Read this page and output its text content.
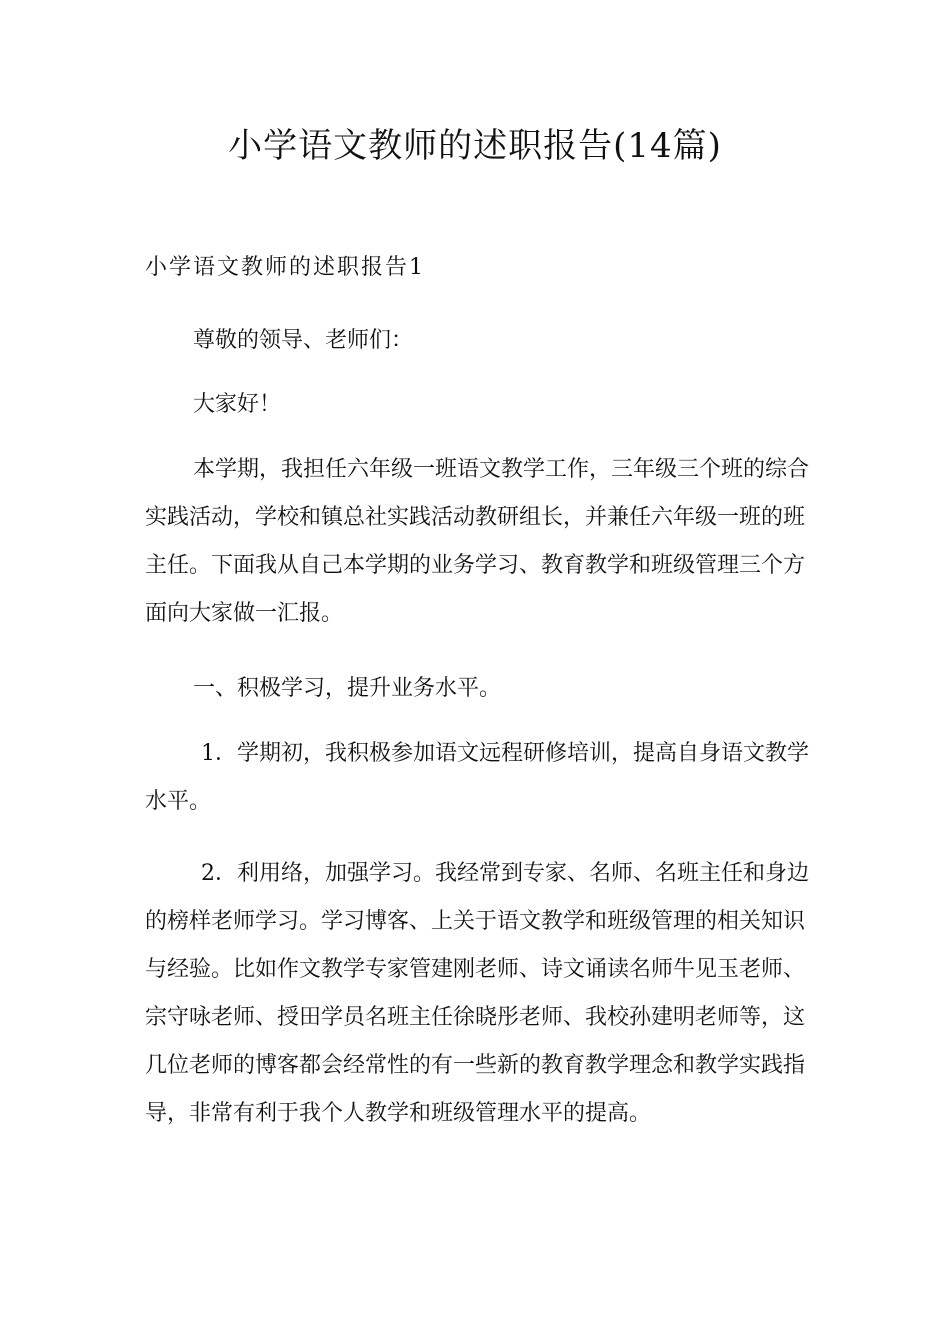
小学语文教师的述职报告(14篇)
小学语文教师的述职报告1

尊敬的领导、老师们：

大家好！

本学期，我担任六年级一班语文教学工作，三年级三个班的综合实践活动，学校和镇总社实践活动教研组长，并兼任六年级一班的班主任。下面我从自己本学期的业务学习、教育教学和班级管理三个方面向大家做一汇报。

一、积极学习，提升业务水平。

1．学期初，我积极参加语文远程研修培训，提高自身语文教学水平。

2．利用络，加强学习。我经常到专家、名师、名班主任和身边的榜样老师学习。学习博客、上关于语文教学和班级管理的相关知识与经验。比如作文教学专家管建刚老师、诗文诵读名师牛见玉老师、宗守咏老师、授田学员名班主任徐晓彤老师、我校孙建明老师等，这几位老师的博客都会经常性的有一些新的教育教学理念和教学实践指导，非常有利于我个人教学和班级管理水平的提高。
